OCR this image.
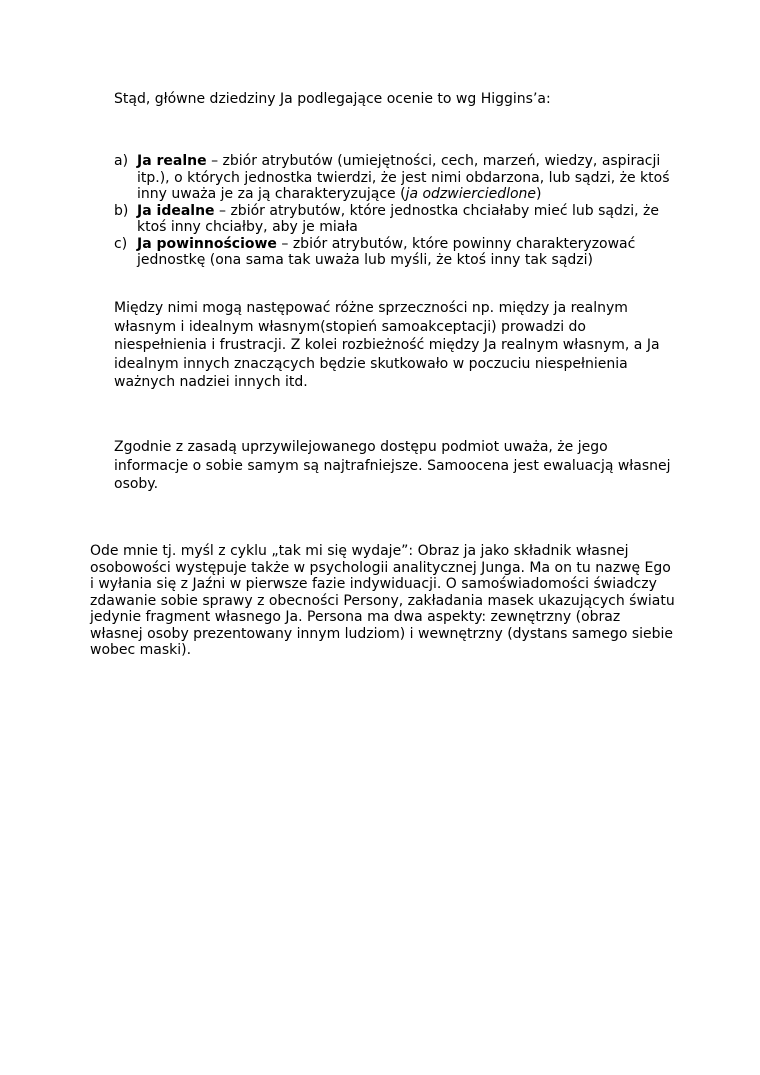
Stąd, główne dziedziny Ja podlegające ocenie to wg Higgins’a:

a) Ja realne – zbiór atrybutów (umiejętności, cech, marzeń, wiedzy, aspiracji itp.), o których jednostka twierdzi, że jest nimi obdarzona, lub sądzi, że ktoś inny uważa je za ją charakteryzujące (ja odzwierciedlone)
b) Ja idealne – zbiór atrybutów, które jednostka chciałaby mieć lub sądzi, że ktoś inny chciałby, aby je miała
c) Ja powinnościowe – zbiór atrybutów, które powinny charakteryzować jednostkę (ona sama tak uważa lub myśli, że ktoś inny tak sądzi)

Między nimi mogą następować różne sprzeczności np. między ja realnym własnym i idealnym własnym(stopień samoakceptacji) prowadzi do niespełnienia i frustracji. Z kolei rozbieżność między Ja realnym własnym, a Ja idealnym innych znaczących będzie skutkowało w poczuciu niespełnienia ważnych nadziei innych itd.

Zgodnie z zasadą uprzywilejowanego dostępu podmiot uważa, że jego informacje o sobie samym są najtrafniejsze. Samoocena jest ewaluacją własnej osoby.

Ode mnie tj. myśl z cyklu „tak mi się wydaje”: Obraz ja jako składnik własnej osobowości występuje także w psychologii analitycznej Junga. Ma on tu nazwę Ego i wyłania się z Jaźni w pierwsze fazie indywiduacji. O samoświadomości świadczy zdawanie sobie sprawy z obecności Persony, zakładania masek ukazujących światu jedynie fragment własnego Ja. Persona ma dwa aspekty: zewnętrzny (obraz własnej osoby prezentowany innym ludziom) i wewnętrzny (dystans samego siebie wobec maski).
